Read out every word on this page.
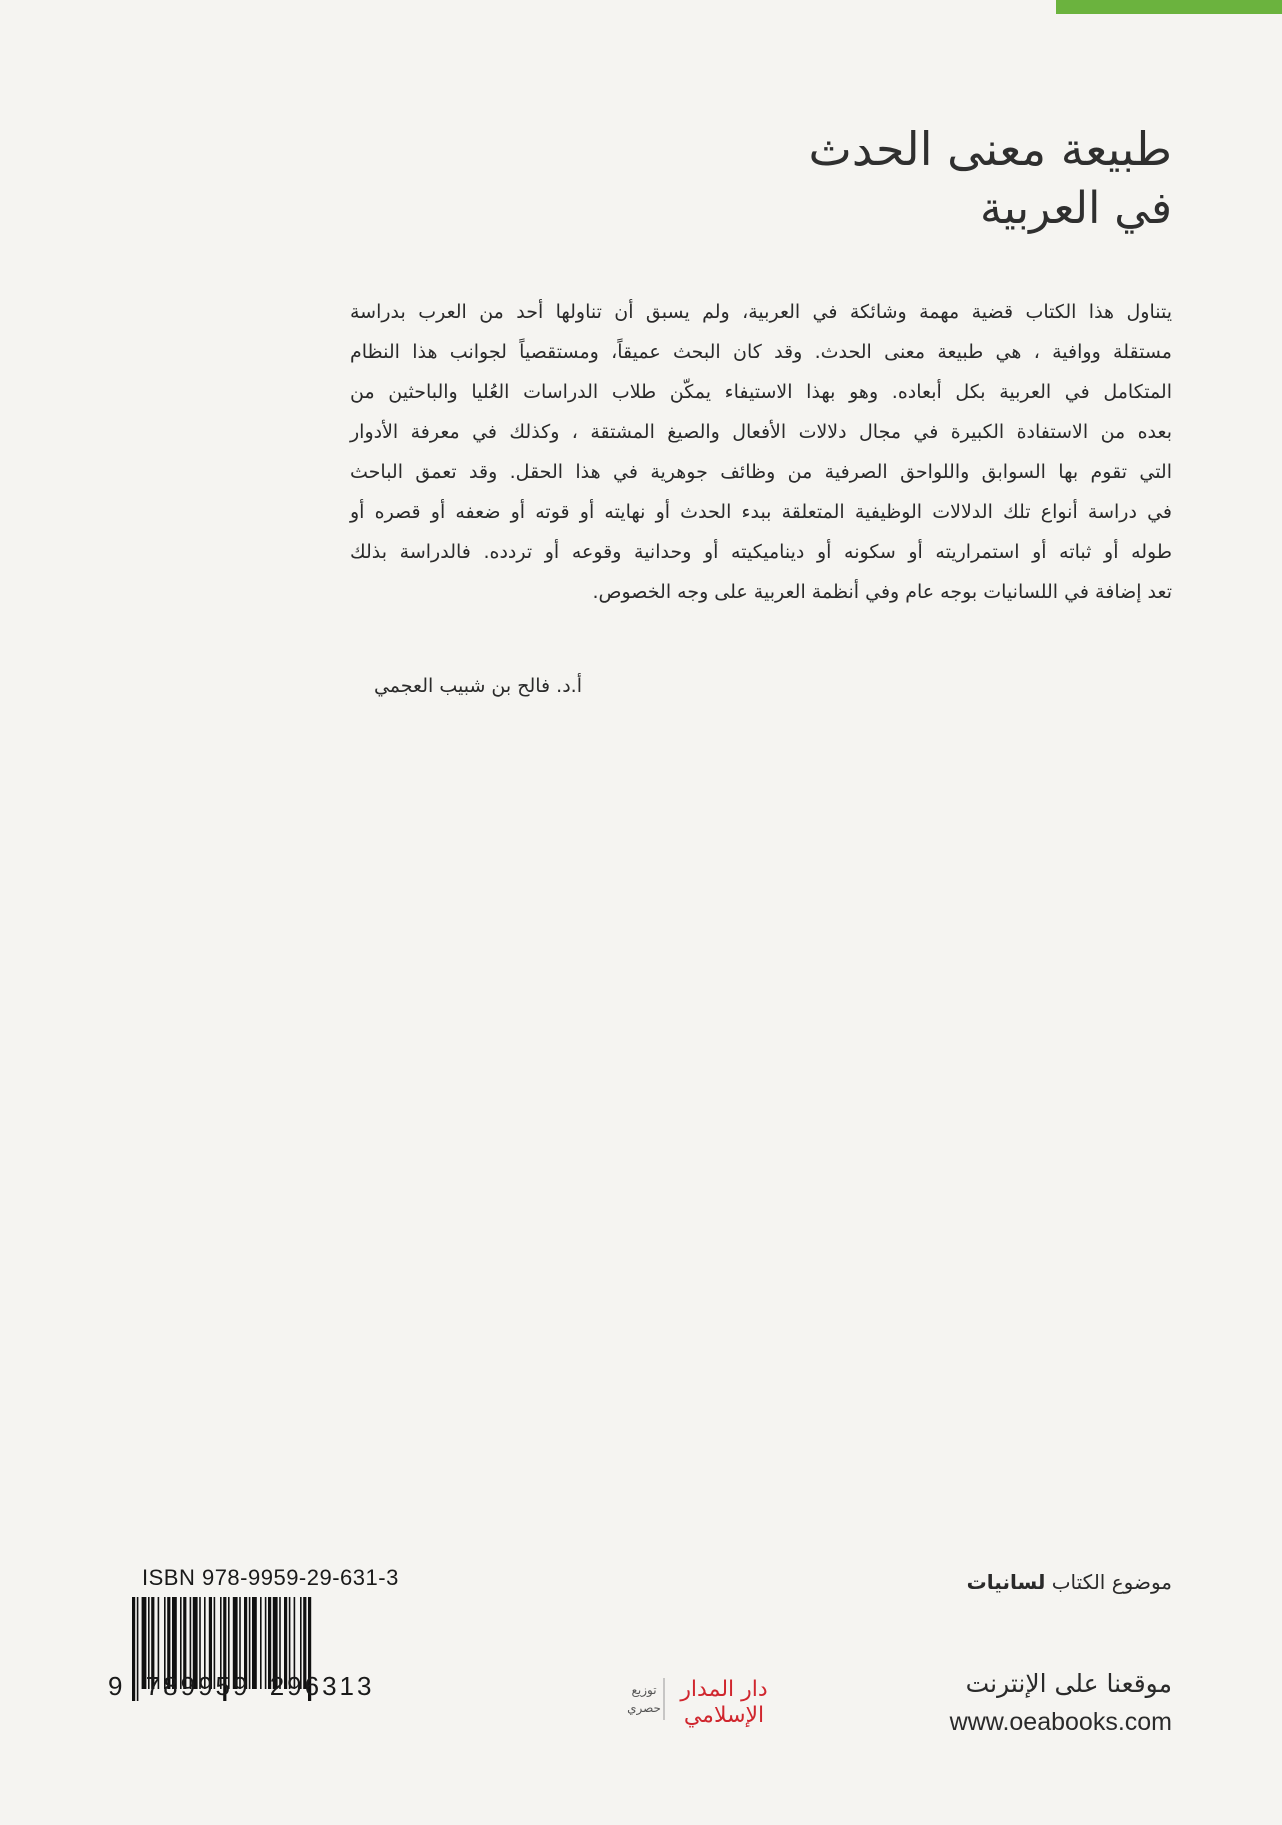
طبيعة معنى الحدث
في العربية
يتناول هذا الكتاب قضية مهمة وشائكة في العربية، ولم يسبق أن تناولها أحد من العرب بدراسة
مستقلة ووافية ، هي طبيعة معنى الحدث. وقد كان البحث عميقاً، ومستقصياً لجوانب هذا النظام
المتكامل في العربية بكل أبعاده. وهو بهذا الاستيفاء يمكّن طلاب الدراسات العُليا والباحثين من
بعده من الاستفادة الكبيرة في مجال دلالات الأفعال والصيغ المشتقة ، وكذلك في معرفة الأدوار
التي تقوم بها السوابق واللواحق الصرفية من وظائف جوهرية في هذا الحقل. وقد تعمق الباحث
في دراسة أنواع تلك الدلالات الوظيفية المتعلقة ببدء الحدث أو نهايته أو قوته أو ضعفه أو قصره أو
طوله أو ثباته أو استمراريته أو سكونه أو ديناميكيته أو وحدانية وقوعه أو تردده. فالدراسة بذلك
تعد إضافة في اللسانيات بوجه عام وفي أنظمة العربية على وجه الخصوص.
أ.د. فالح بن شبيب العجمي
موضوع الكتاب لسانيات
موقعنا على الإنترنت
www.oeabooks.com
توزيع
حصري
دار المدار
الإسلامي
ISBN 978-9959-29-631-3
9 789959 296313
